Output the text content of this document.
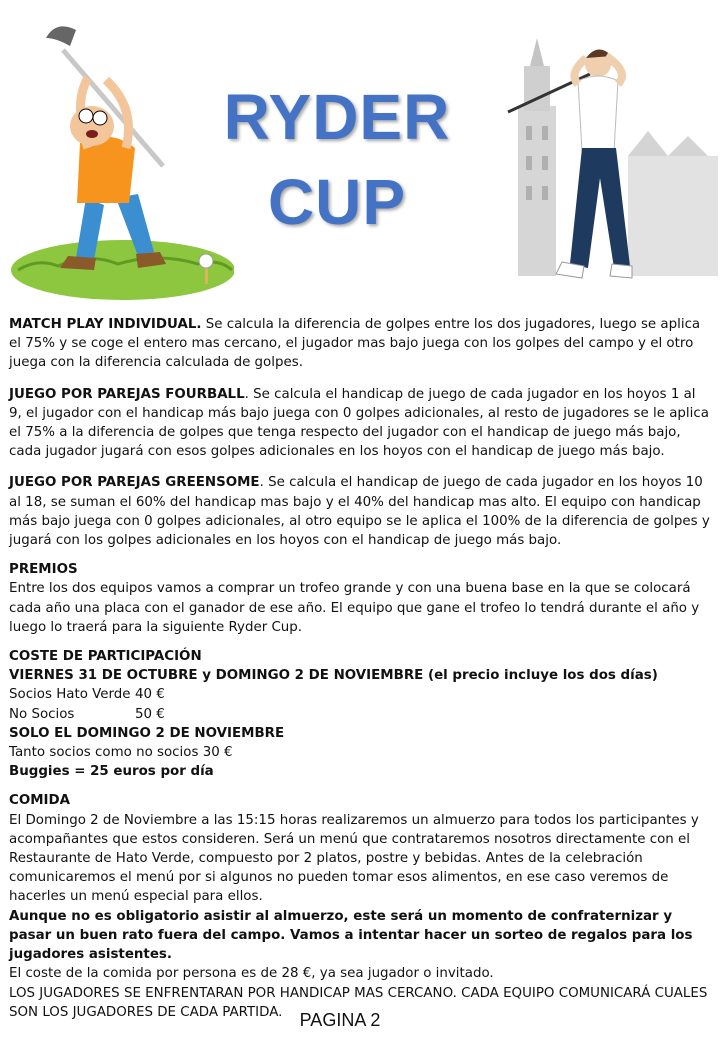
RYDER
CUP

MATCH PLAY INDIVIDUAL. Se calcula la diferencia de golpes entre los dos jugadores, luego se aplica el 75% y se coge el entero mas cercano, el jugador mas bajo juega con los golpes del campo y el otro juega con la diferencia calculada de golpes.

JUEGO POR PAREJAS FOURBALL. Se calcula el handicap de juego de cada jugador en los hoyos 1 al 9, el jugador con el handicap más bajo juega con 0 golpes adicionales, al resto de jugadores se le aplica el 75% a la diferencia de golpes que tenga respecto del jugador con el handicap de juego más bajo, cada jugador jugará con esos golpes adicionales en los hoyos con el handicap de juego más bajo.

JUEGO POR PAREJAS GREENSOME. Se calcula el handicap de juego de cada jugador en los hoyos 10 al 18, se suman el 60% del handicap mas bajo y el 40% del handicap mas alto. El equipo con handicap más bajo juega con 0 golpes adicionales, al otro equipo se le aplica el 100% de la diferencia de golpes y jugará con los golpes adicionales en los hoyos con el handicap de juego más bajo.

PREMIOS

Entre los dos equipos vamos a comprar un trofeo grande y con una buena base en la que se colocará cada año una placa con el ganador de ese año. El equipo que gane el trofeo lo tendrá durante el año y luego lo traerá para la siguiente Ryder Cup.

COSTE DE PARTICIPACIÓN
VIERNES 31 DE OCTUBRE y DOMINGO 2 DE NOVIEMBRE (el precio incluye los dos días)
Socios Hato Verde 40 €
No Socios	50 €
SOLO EL DOMINGO 2 DE NOVIEMBRE
Tanto socios como no socios 30 €
Buggies = 25 euros por día
COMIDA
El Domingo 2 de Noviembre a las 15:15 horas realizaremos un almuerzo para todos los participantes y acompañantes que estos consideren. Será un menú que contrataremos nosotros directamente con el Restaurante de Hato Verde, compuesto por 2 platos, postre y bebidas. Antes de la celebración comunicaremos el menú por si algunos no pueden tomar esos alimentos, en ese caso veremos de hacerles un menú especial para ellos.
Aunque no es obligatorio asistir al almuerzo, este será un momento de confraternizar y pasar un buen rato fuera del campo. Vamos a intentar hacer un sorteo de regalos para los jugadores asistentes.
El coste de la comida por persona es de 28 €, ya sea jugador o invitado.
LOS JUGADORES SE ENFRENTARAN POR HANDICAP MAS CERCANO. CADA EQUIPO COMUNICARÁ CUALES SON LOS JUGADORES DE CADA PARTIDA. PAGINA 2
